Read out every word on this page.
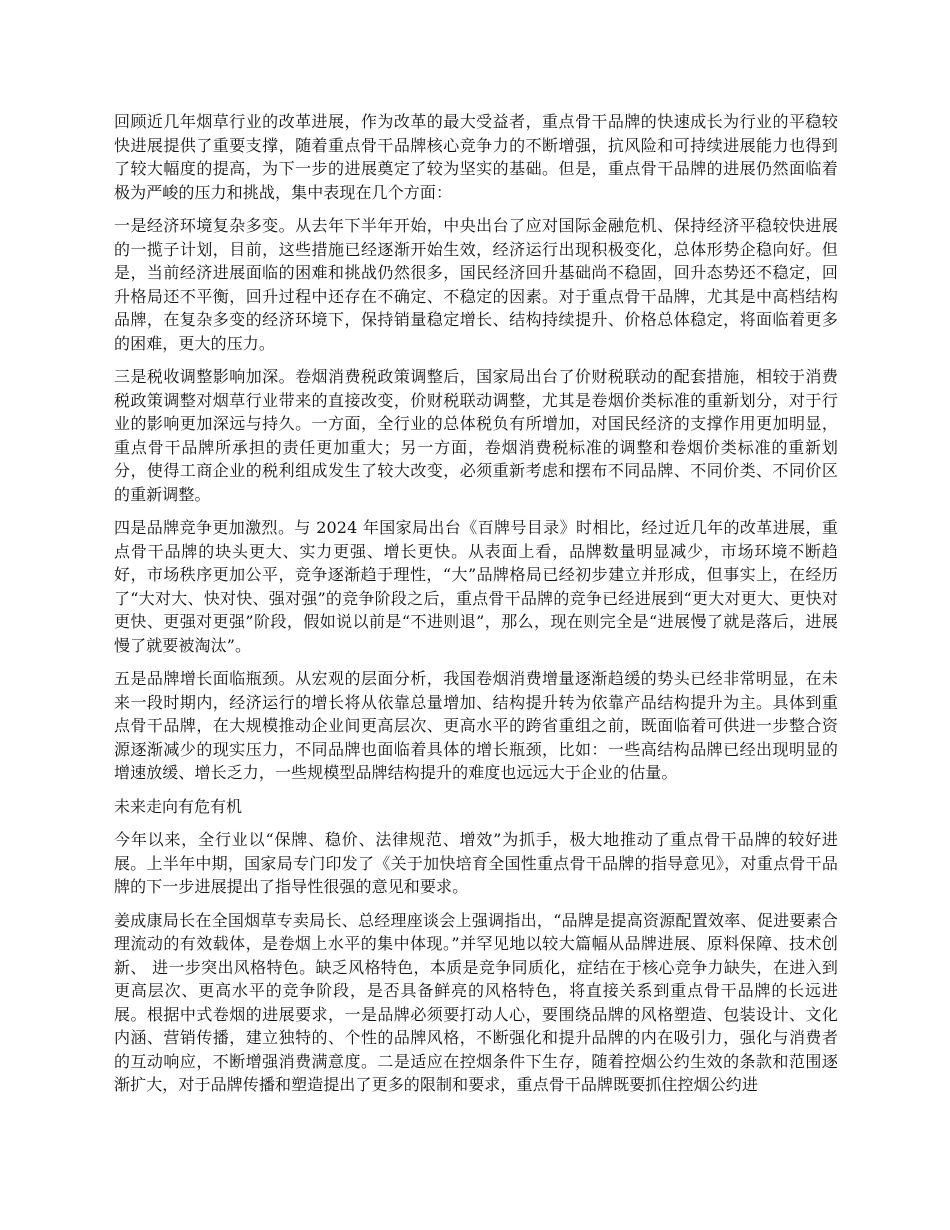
回顾近几年烟草行业的改革进展，作为改革的最大受益者，重点骨干品牌的快速成长为行业的平稳较快进展提供了重要支撑，随着重点骨干品牌核心竞争力的不断增强，抗风险和可持续进展能力也得到了较大幅度的提高，为下一步的进展奠定了较为坚实的基础。但是，重点骨干品牌的进展仍然面临着极为严峻的压力和挑战，集中表现在几个方面：

一是经济环境复杂多变。从去年下半年开始，中央出台了应对国际金融危机、保持经济平稳较快进展的一揽子计划，目前，这些措施已经逐渐开始生效，经济运行出现积极变化，总体形势企稳向好。但是，当前经济进展面临的困难和挑战仍然很多，国民经济回升基础尚不稳固，回升态势还不稳定，回升格局还不平衡，回升过程中还存在不确定、不稳定的因素。对于重点骨干品牌，尤其是中高档结构品牌，在复杂多变的经济环境下，保持销量稳定增长、结构持续提升、价格总体稳定，将面临着更多的困难，更大的压力。

三是税收调整影响加深。卷烟消费税政策调整后，国家局出台了价财税联动的配套措施，相较于消费税政策调整对烟草行业带来的直接改变，价财税联动调整，尤其是卷烟价类标准的重新划分，对于行业的影响更加深远与持久。一方面，全行业的总体税负有所增加，对国民经济的支撑作用更加明显，重点骨干品牌所承担的责任更加重大；另一方面，卷烟消费税标准的调整和卷烟价类标准的重新划分，使得工商企业的税利组成发生了较大改变，必须重新考虑和摆布不同品牌、不同价类、不同价区的重新调整。

四是品牌竞争更加激烈。与 2024 年国家局出台《百牌号目录》时相比，经过近几年的改革进展，重点骨干品牌的块头更大、实力更强、增长更快。从表面上看，品牌数量明显减少，市场环境不断趋好，市场秩序更加公平，竞争逐渐趋于理性，“大”品牌格局已经初步建立并形成，但事实上，在经历了“大对大、快对快、强对强”的竞争阶段之后，重点骨干品牌的竞争已经进展到“更大对更大、更快对更快、更强对更强”阶段，假如说以前是“不进则退”，那么，现在则完全是“进展慢了就是落后，进展慢了就要被淘汰”。

五是品牌增长面临瓶颈。从宏观的层面分析，我国卷烟消费增量逐渐趋缓的势头已经非常明显，在未来一段时期内，经济运行的增长将从依靠总量增加、结构提升转为依靠产品结构提升为主。具体到重点骨干品牌，在大规模推动企业间更高层次、更高水平的跨省重组之前，既面临着可供进一步整合资源逐渐减少的现实压力，不同品牌也面临着具体的增长瓶颈，比如：一些高结构品牌已经出现明显的增速放缓、增长乏力，一些规模型品牌结构提升的难度也远远大于企业的估量。

未来走向有危有机

今年以来，全行业以“保牌、稳价、法律规范、增效”为抓手，极大地推动了重点骨干品牌的较好进展。上半年中期，国家局专门印发了《关于加快培育全国性重点骨干品牌的指导意见》，对重点骨干品牌的下一步进展提出了指导性很强的意见和要求。

姜成康局长在全国烟草专卖局长、总经理座谈会上强调指出，“品牌是提高资源配置效率、促进要素合理流动的有效载体，是卷烟上水平的集中体现。”并罕见地以较大篇幅从品牌进展、原料保障、技术创新、 进一步突出风格特色。缺乏风格特色，本质是竞争同质化，症结在于核心竞争力缺失，在进入到更高层次、更高水平的竞争阶段，是否具备鲜亮的风格特色，将直接关系到重点骨干品牌的长远进展。根据中式卷烟的进展要求，一是品牌必须要打动人心，要围绕品牌的风格塑造、包装设计、文化内涵、营销传播，建立独特的、个性的品牌风格，不断强化和提升品牌的内在吸引力，强化与消费者的互动响应，不断增强消费满意度。二是适应在控烟条件下生存，随着控烟公约生效的条款和范围逐渐扩大，对于品牌传播和塑造提出了更多的限制和要求，重点骨干品牌既要抓住控烟公约进
